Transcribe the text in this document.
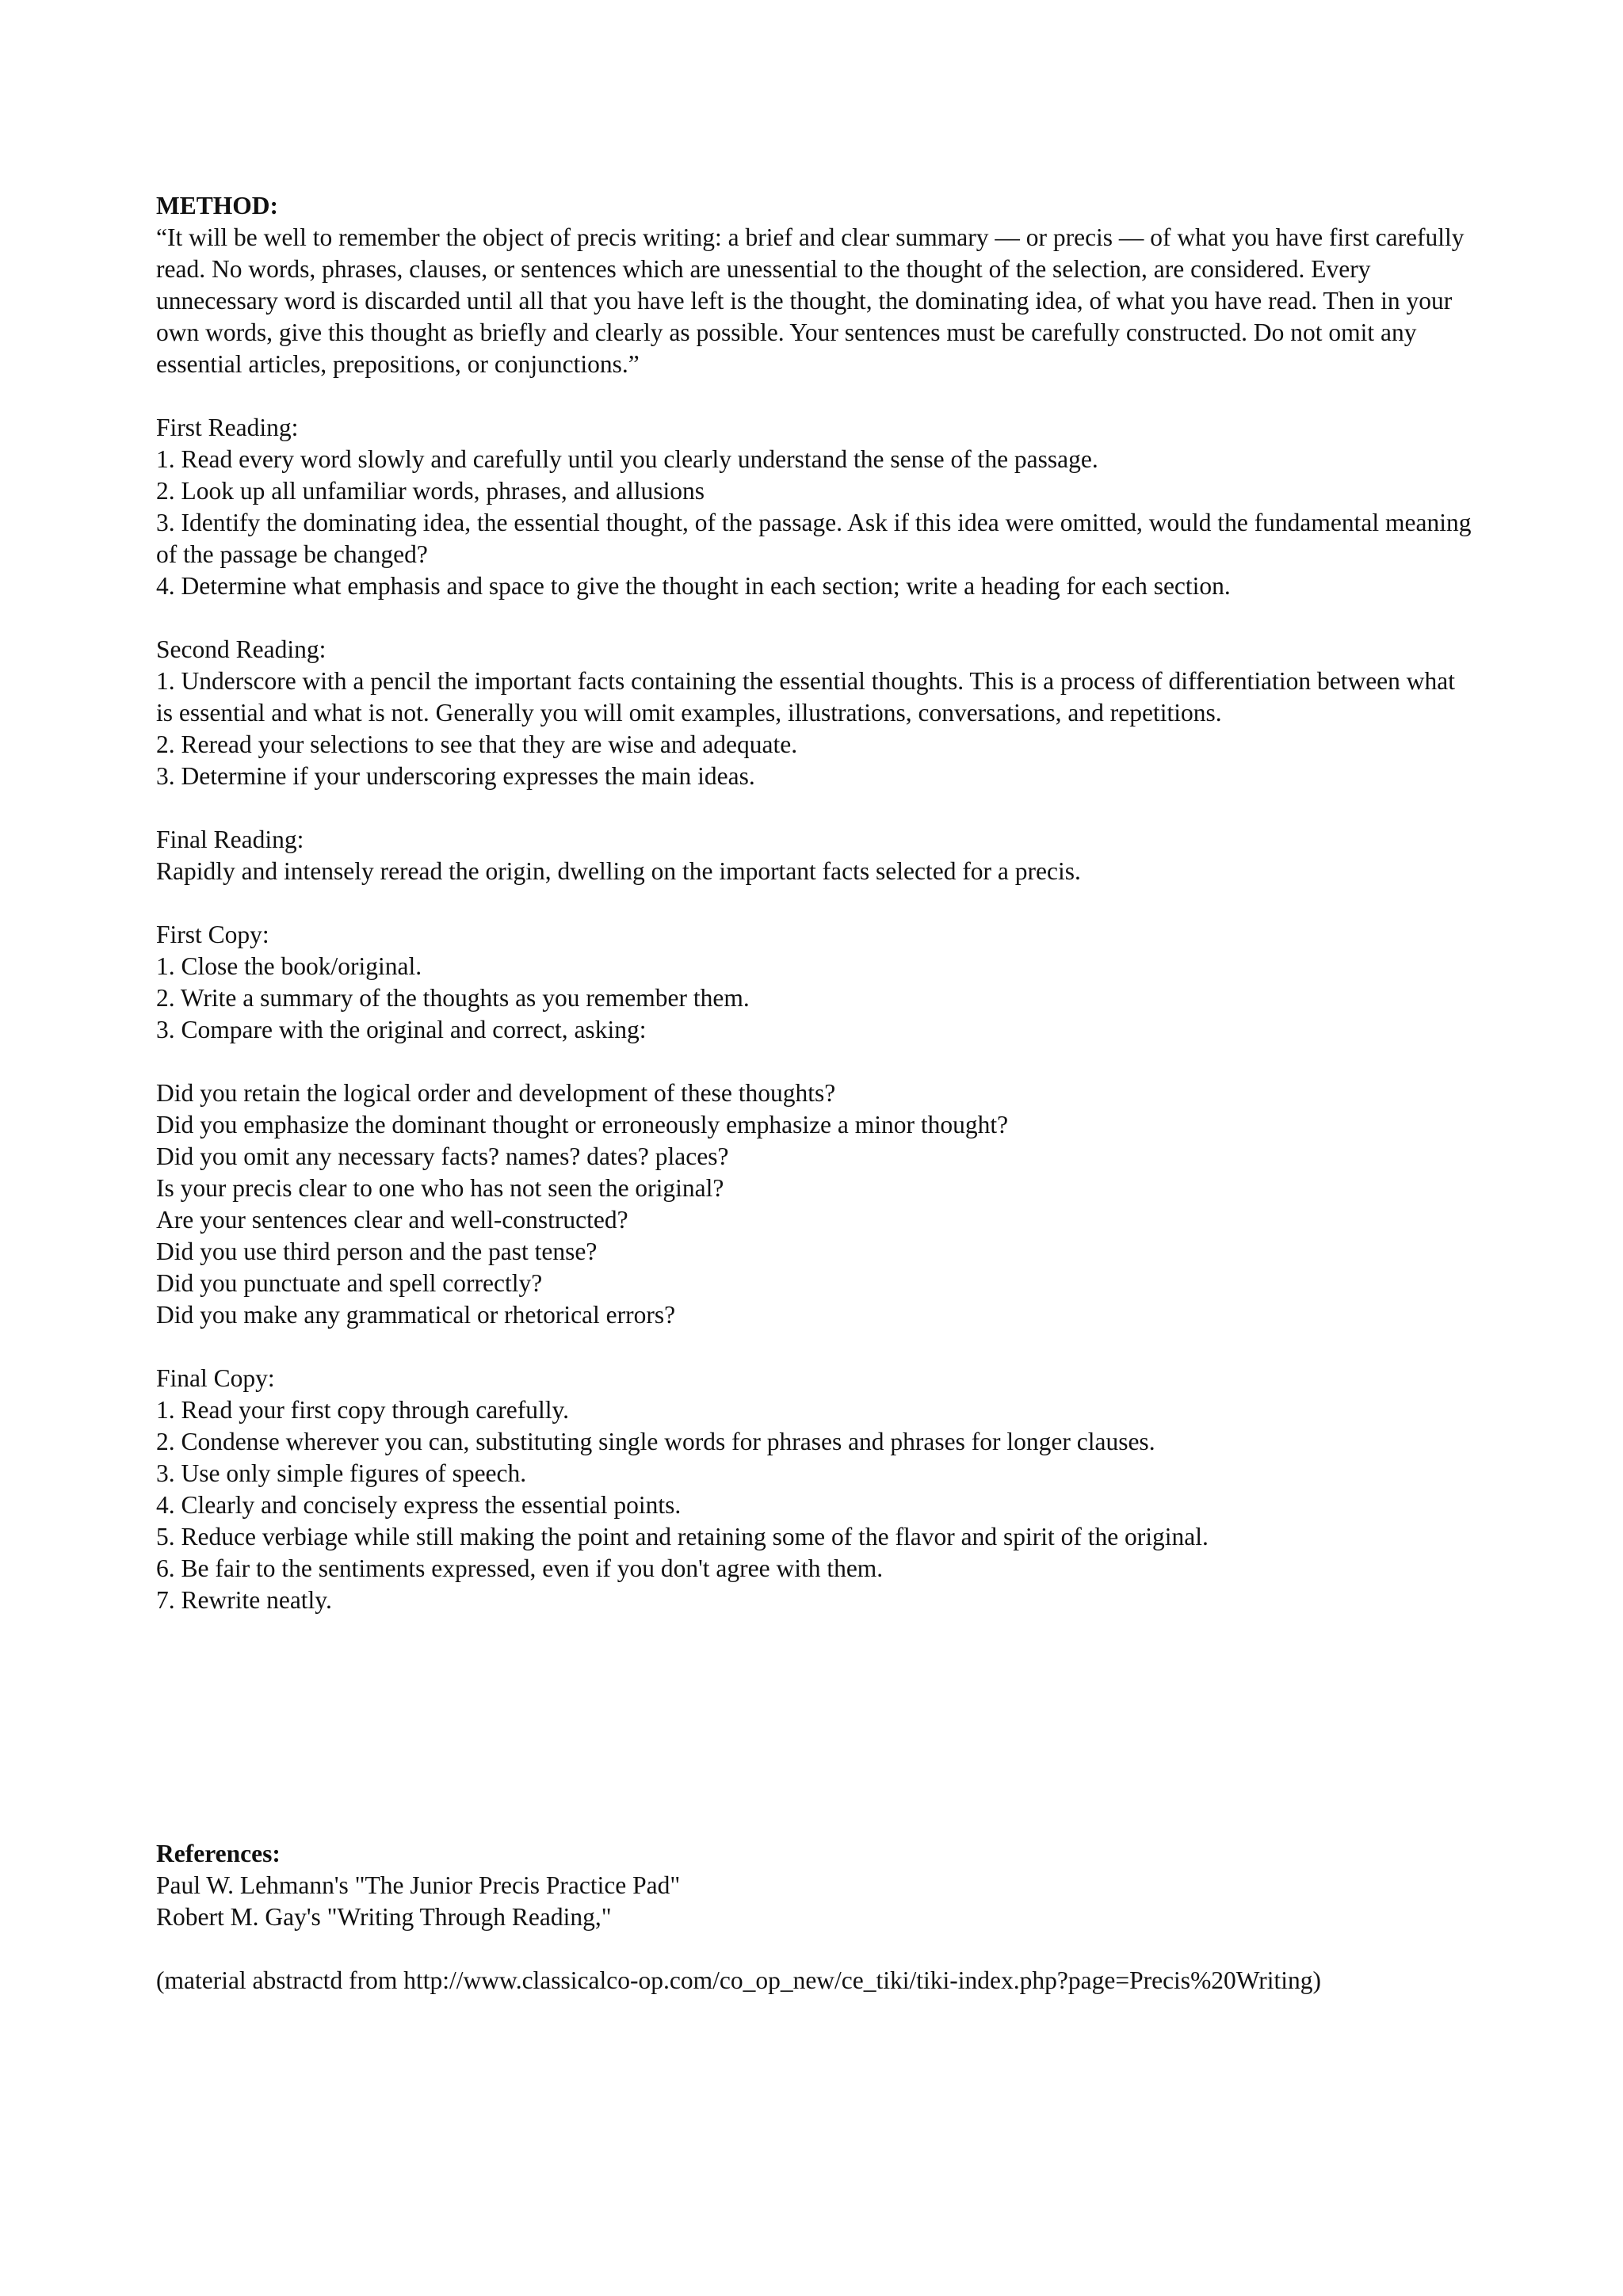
METHOD:

“It will be well to remember the object of precis writing: a brief and clear summary — or precis — of what you have first carefully read. No words, phrases, clauses, or sentences which are unessential to the thought of the selection, are considered. Every unnecessary word is discarded until all that you have left is the thought, the dominating idea, of what you have read. Then in your own words, give this thought as briefly and clearly as possible. Your sentences must be carefully constructed. Do not omit any essential articles, prepositions, or conjunctions.”

First Reading:
1. Read every word slowly and carefully until you clearly understand the sense of the passage.
2. Look up all unfamiliar words, phrases, and allusions
3. Identify the dominating idea, the essential thought, of the passage. Ask if this idea were omitted, would the fundamental meaning of the passage be changed?
4. Determine what emphasis and space to give the thought in each section; write a heading for each section.
Second Reading:
1. Underscore with a pencil the important facts containing the essential thoughts. This is a process of differentiation between what is essential and what is not. Generally you will omit examples, illustrations, conversations, and repetitions.
2. Reread your selections to see that they are wise and adequate.
3. Determine if your underscoring expresses the main ideas.
Final Reading:
Rapidly and intensely reread the origin, dwelling on the important facts selected for a precis.
First Copy:
1. Close the book/original.
2. Write a summary of the thoughts as you remember them.
3. Compare with the original and correct, asking:
Did you retain the logical order and development of these thoughts?
Did you emphasize the dominant thought or erroneously emphasize a minor thought?
Did you omit any necessary facts? names? dates? places?
Is your precis clear to one who has not seen the original?
Are your sentences clear and well-constructed?
Did you use third person and the past tense?
Did you punctuate and spell correctly?
Did you make any grammatical or rhetorical errors?
Final Copy:
1. Read your first copy through carefully.
2. Condense wherever you can, substituting single words for phrases and phrases for longer clauses.
3. Use only simple figures of speech.
4. Clearly and concisely express the essential points.
5. Reduce verbiage while still making the point and retaining some of the flavor and spirit of the original.
6. Be fair to the sentiments expressed, even if you don't agree with them.
7. Rewrite neatly.
References:
Paul W. Lehmann's "The Junior Precis Practice Pad"
Robert M. Gay's "Writing Through Reading,"
(material abstractd from http://www.classicalco-op.com/co_op_new/ce_tiki/tiki-index.php?page=Precis%20Writing)
